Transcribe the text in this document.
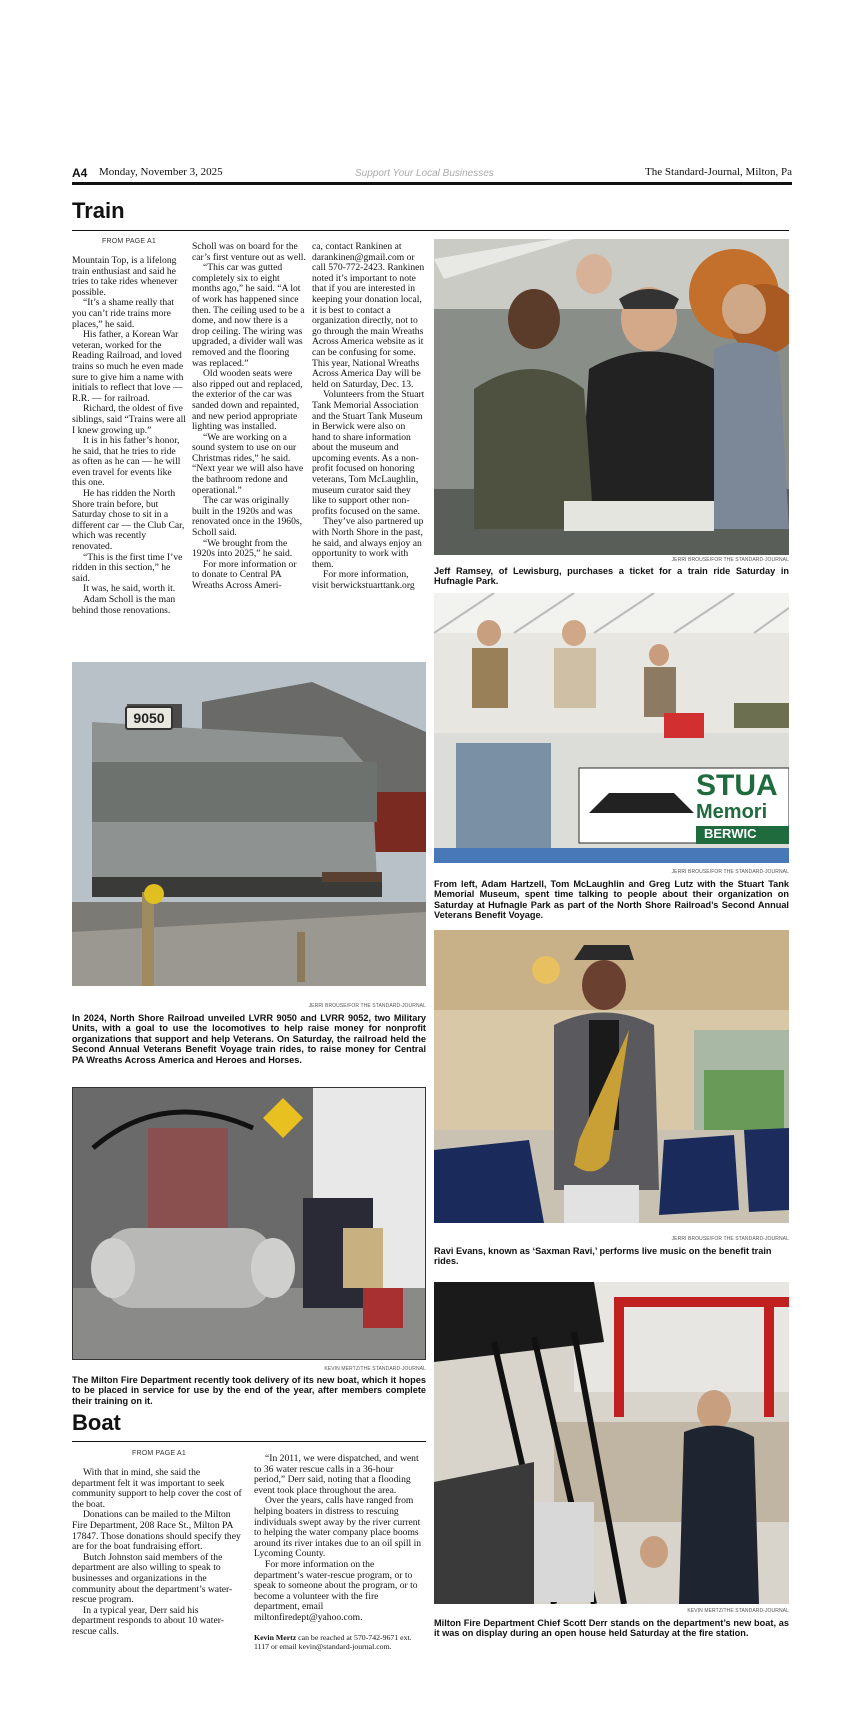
A4 Monday, November 3, 2025	Support Your Local Businesses	The Standard-Journal, Milton, Pa
Train
FROM PAGE A1

Mountain Top, is a lifelong train enthusiast and said he tries to take rides whenever possible.

“It’s a shame really that you can’t ride trains more places,” he said.

His father, a Korean War veteran, worked for the Reading Railroad, and loved trains so much he even made sure to give him a name with initials to reflect that love — R.R. — for railroad.

Richard, the oldest of five siblings, said “Trains were all I knew growing up.”

It is in his father’s honor, he said, that he tries to ride as often as he can — he will even travel for events like this one.

He has ridden the North Shore train before, but Saturday chose to sit in a different car — the Club Car, which was recently renovated.

“This is the first time I’ve ridden in this section,” he said.

It was, he said, worth it.

Adam Scholl is the man behind those renovations.

Scholl was on board for the car’s first venture out as well.

“This car was gutted completely six to eight months ago,” he said. “A lot of work has happened since then. The ceiling used to be a dome, and now there is a drop ceiling. The wiring was upgraded, a divider wall was removed and the flooring was replaced.”

Old wooden seats were also ripped out and replaced, the exterior of the car was sanded down and repainted, and new period appropriate lighting was installed.

“We are working on a sound system to use on our Christmas rides,” he said. “Next year we will also have the bathroom redone and operational.”

The car was originally built in the 1920s and was renovated once in the 1960s, Scholl said.

“We brought from the 1920s into 2025,” he said.

For more information or to donate to Central PA Wreaths Across Ameri-

ca, contact Rankinen at darankinen@gmail.com or call 570-772-2423. Rankinen noted it’s important to note that if you are interested in keeping your donation local, it is best to contact a organization directly, not to go through the main Wreaths Across America website as it can be confusing for some. This year, National Wreaths Across America Day will be held on Saturday, Dec. 13.

Volunteers from the Stuart Tank Memorial Association and the Stuart Tank Museum in Berwick were also on hand to share information about the museum and upcoming events. As a non-profit focused on honoring veterans, Tom McLaughlin, museum curator said they like to support other non-profits focused on the same.

They’ve also partnered up with North Shore in the past, he said, and always enjoy an opportunity to work with them.

For more information, visit berwickstuarttank.org

JERRI BROUSE/FOR THE STANDARD-JOURNAL
Jeff Ramsey, of Lewisburg, purchases a ticket for a train ride Saturday in Hufnagle Park.
STUA
Memori
BERWIC
JERRI BROUSE/FOR THE STANDARD-JOURNAL
From left, Adam Hartzell, Tom McLaughlin and Greg Lutz with the Stuart Tank Memorial Museum, spent time talking to people about their organization on Saturday at Hufnagle Park as part of the North Shore Railroad’s Second Annual Veterans Benefit Voyage.
9050
JERRI BROUSE/FOR THE STANDARD-JOURNAL
In 2024, North Shore Railroad unveiled LVRR 9050 and LVRR 9052, two Military Units, with a goal to use the locomotives to help raise money for nonprofit organizations that support and help Veterans. On Saturday, the railroad held the Second Annual Veterans Benefit Voyage train rides, to raise money for Central PA Wreaths Across America and Heroes and Horses.
JERRI BROUSE/FOR THE STANDARD-JOURNAL
Ravi Evans, known as ‘Saxman Ravi,’ performs live music on the benefit train rides.
KEVIN MERTZ/THE STANDARD-JOURNAL
The Milton Fire Department recently took delivery of its new boat, which it hopes to be placed in service for use by the end of the year, after members complete their training on it.
KEVIN MERTZ/THE STANDARD-JOURNAL
Milton Fire Department Chief Scott Derr stands on the department’s new boat, as it was on display during an open house held Saturday at the fire station.
Boat
FROM PAGE A1

With that in mind, she said the department felt it was important to seek community support to help cover the cost of the boat.

Donations can be mailed to the Milton Fire Department, 208 Race St., Milton PA 17847. Those donations should specify they are for the boat fundraising effort.

Butch Johnston said members of the department are also willing to speak to businesses and organizations in the community about the department’s water-rescue program.

In a typical year, Derr said his department responds to about 10 water-rescue calls.

“In 2011, we were dispatched, and went to 36 water rescue calls in a 36-hour period,” Derr said, noting that a flooding event took place throughout the area.

Over the years, calls have ranged from helping boaters in distress to rescuing individuals swept away by the river current to helping the water company place booms around its river intakes due to an oil spill in Lycoming County.

For more information on the department’s water-rescue program, or to speak to someone about the program, or to become a volunteer with the fire department, email miltonfiredept@yahoo.com.

Kevin Mertz can be reached at 570-742-9671 ext. 1117 or email kevin@standard-journal.com.
